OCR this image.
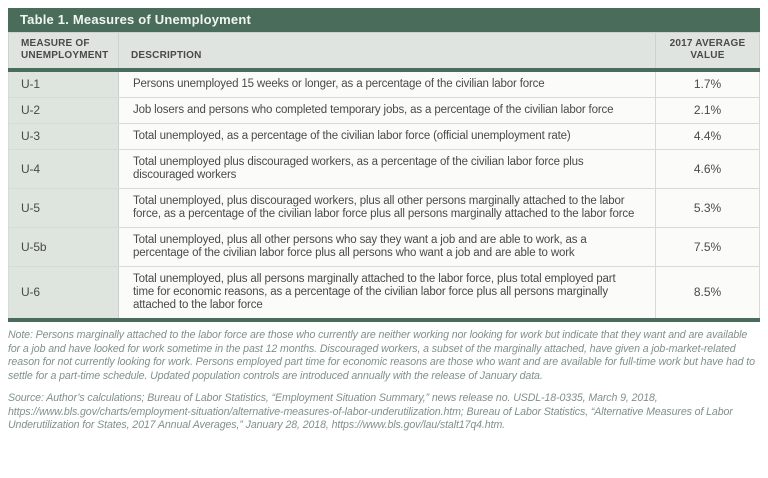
Table 1. Measures of Unemployment
MEASURE OF UNEMPLOYMENT	DESCRIPTION	2017 AVERAGE VALUE
U-1	Persons unemployed 15 weeks or longer, as a percentage of the civilian labor force	1.7%
U-2	Job losers and persons who completed temporary jobs, as a percentage of the civilian labor force	2.1%
U-3	Total unemployed, as a percentage of the civilian labor force (official unemployment rate)	4.4%
U-4	Total unemployed plus discouraged workers, as a percentage of the civilian labor force plus discouraged workers	4.6%
U-5	Total unemployed, plus discouraged workers, plus all other persons marginally attached to the labor force, as a percentage of the civilian labor force plus all persons marginally attached to the labor force	5.3%
U-5b	Total unemployed, plus all other persons who say they want a job and are able to work, as a percentage of the civilian labor force plus all persons who want a job and are able to work	7.5%
U-6	Total unemployed, plus all persons marginally attached to the labor force, plus total employed part time for economic reasons, as a percentage of the civilian labor force plus all persons marginally attached to the labor force	8.5%

Note: Persons marginally attached to the labor force are those who currently are neither working nor looking for work but indicate that they want and are available for a job and have looked for work sometime in the past 12 months. Discouraged workers, a subset of the marginally attached, have given a job-market-related reason for not currently looking for work. Persons employed part time for economic reasons are those who want and are available for full-time work but have had to settle for a part-time schedule. Updated population controls are introduced annually with the release of January data.

Source: Author’s calculations; Bureau of Labor Statistics, “Employment Situation Summary,” news release no. USDL-18-0335, March 9, 2018, https://www.bls.gov/charts/employment-situation/alternative-measures-of-labor-underutilization.htm; Bureau of Labor Statistics, “Alternative Measures of Labor Underutilization for States, 2017 Annual Averages,” January 28, 2018, https://www.bls.gov/lau/stalt17q4.htm.
